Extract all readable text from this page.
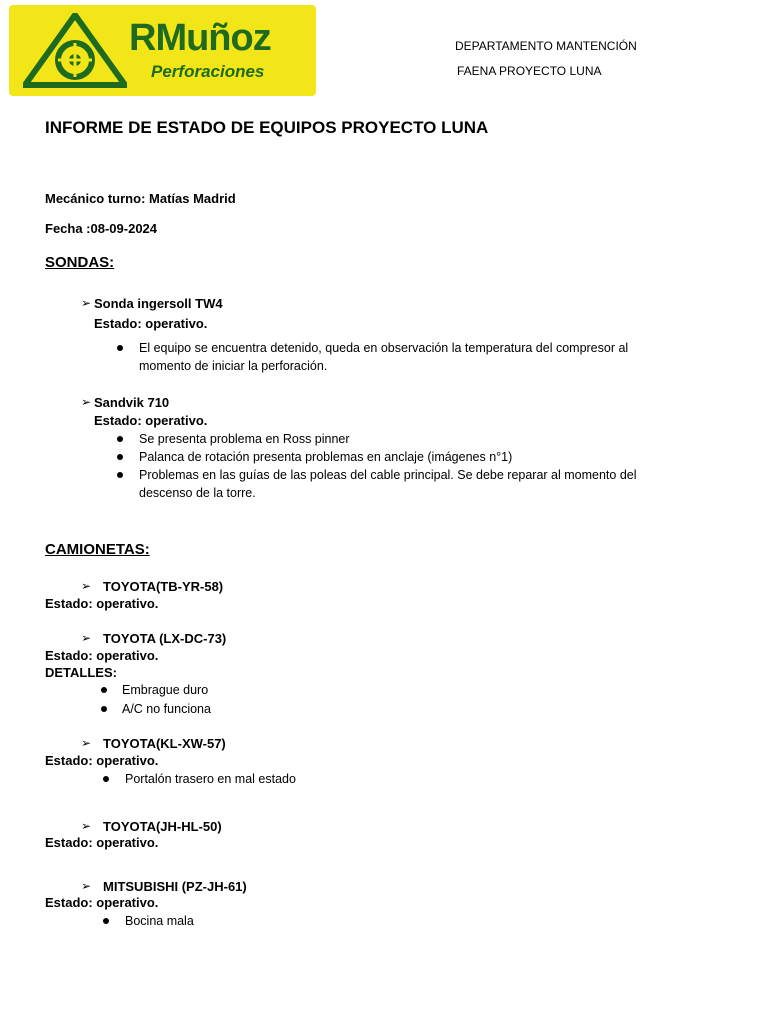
RMuñoz
Perforaciones
DEPARTAMENTO MANTENCIÓN
FAENA PROYECTO LUNA
INFORME DE ESTADO DE EQUIPOS PROYECTO LUNA
Mecánico turno: Matías Madrid
Fecha :08-09-2024
SONDAS:
➢ Sonda ingersoll TW4
Estado: operativo.
El equipo se encuentra detenido, queda en observación la temperatura del compresor al
momento de iniciar la perforación.
➢ Sandvik 710
Estado: operativo.
Se presenta problema en Ross pinner
Palanca de rotación presenta problemas en anclaje (imágenes n°1)
Problemas en las guías de las poleas del cable principal. Se debe reparar al momento del
descenso de la torre.
CAMIONETAS:
➢ TOYOTA(TB-YR-58)
Estado: operativo.
➢ TOYOTA (LX-DC-73)
Estado: operativo.
DETALLES:
Embrague duro
A/C no funciona
➢ TOYOTA(KL-XW-57)
Estado: operativo.
Portalón trasero en mal estado
➢ TOYOTA(JH-HL-50)
Estado: operativo.
➢ MITSUBISHI (PZ-JH-61)
Estado: operativo.
Bocina mala
